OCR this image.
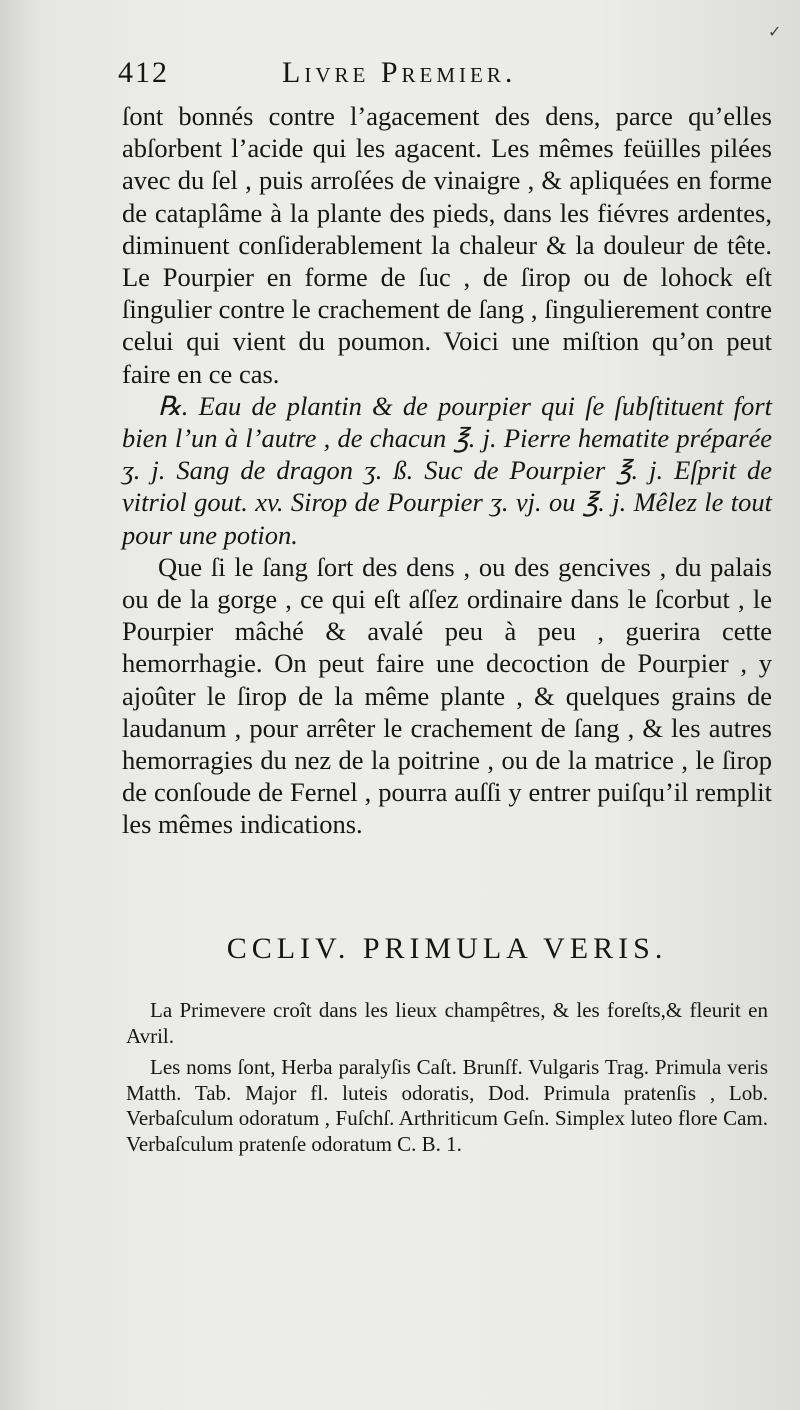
412	Livre Premier.

ſont bonnés contre l’agacement des dens, parce qu’elles abſorbent l’acide qui les agacent. Les mêmes feüilles pilées avec du ſel , puis arroſées de vinaigre , & apliquées en forme de cataplâme à la plante des pieds, dans les fiévres ardentes, diminuent conſiderablement la chaleur & la douleur de tête. Le Pourpier en forme de ſuc , de ſirop ou de lohock eſt ſingulier contre le crachement de ſang , ſingulierement contre celui qui vient du poumon. Voici une miſtion qu’on peut faire en ce cas.

℞. Eau de plantin & de pourpier qui ſe ſubſtituent fort bien l’un à l’autre , de chacun ℥. j. Pierre hematite préparée ʒ. j. Sang de dragon ʒ. ß. Suc de Pourpier ℥. j. Eſprit de vitriol gout. xv. Sirop de Pourpier ʒ. vj. ou ℥. j. Mêlez le tout pour une potion.

Que ſi le ſang ſort des dens , ou des gencives , du palais ou de la gorge , ce qui eſt aſſez ordinaire dans le ſcorbut , le Pourpier mâché & avalé peu à peu , guerira cette hemorrhagie. On peut faire une decoction de Pourpier , y ajoûter le ſirop de la même plante , & quelques grains de laudanum , pour arrêter le crachement de ſang , & les autres hemorragies du nez de la poitrine , ou de la matrice , le ſirop de conſoude de Fernel , pourra auſſi y entrer puiſqu’il remplit les mêmes indications.

CCLIV. PRIMULA VERIS.

La Primevere croît dans les lieux champêtres, & les foreſts,& fleurit en Avril.

Les noms ſont, Herba paralyſis Caſt. Brunſf. Vulgaris Trag. Primula veris Matth. Tab. Major fl. luteis odoratis, Dod. Primula pratenſis , Lob. Verbaſculum odoratum , Fuſchſ. Arthriticum Geſn. Simplex luteo flore Cam. Verbaſculum pratenſe odoratum C. B. 1.

✓
